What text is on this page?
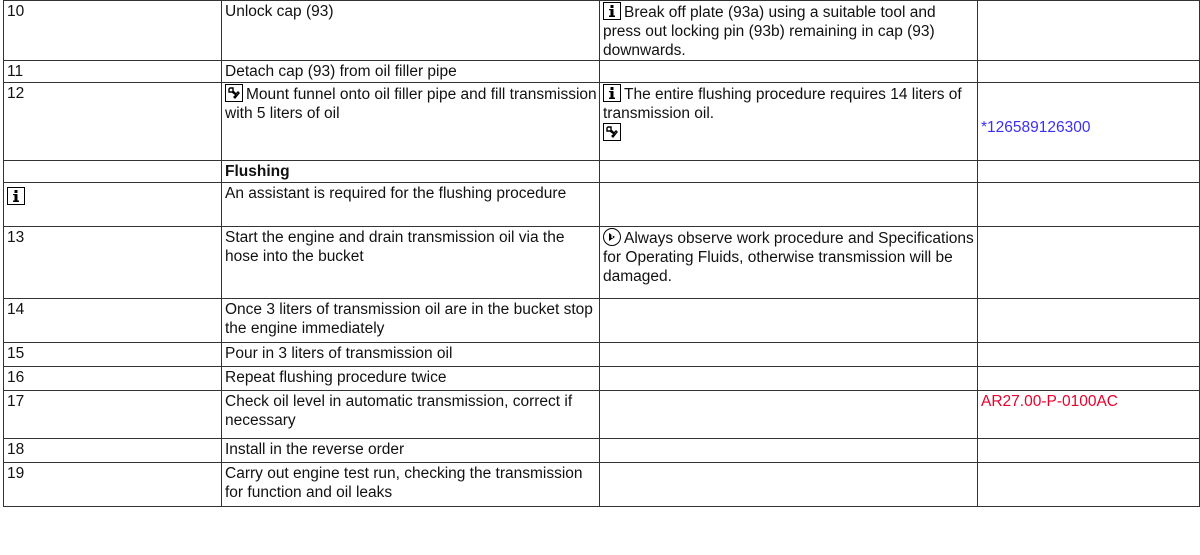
10	Unlock cap (93)	Break off plate (93a) using a suitable tool and press out locking pin (93b) remaining in cap (93) downwards.	
11	Detach cap (93) from oil filler pipe		
12	Mount funnel onto oil filler pipe and fill transmission with 5 liters of oil	The entire flushing procedure requires 14 liters of transmission oil.	*126589126300

	Flushing		

	An assistant is required for the flushing procedure		
13	Start the engine and drain transmission oil via the hose into the bucket	Always observe work procedure and Specifications for Operating Fluids, otherwise transmission will be damaged.	
14	Once 3 liters of transmission oil are in the bucket stop the engine immediately		
15	Pour in 3 liters of transmission oil		
16	Repeat flushing procedure twice		
17	Check oil level in automatic transmission, correct if necessary		AR27.00-P-0100AC
18	Install in the reverse order		
19	Carry out engine test run, checking the transmission for function and oil leaks		
